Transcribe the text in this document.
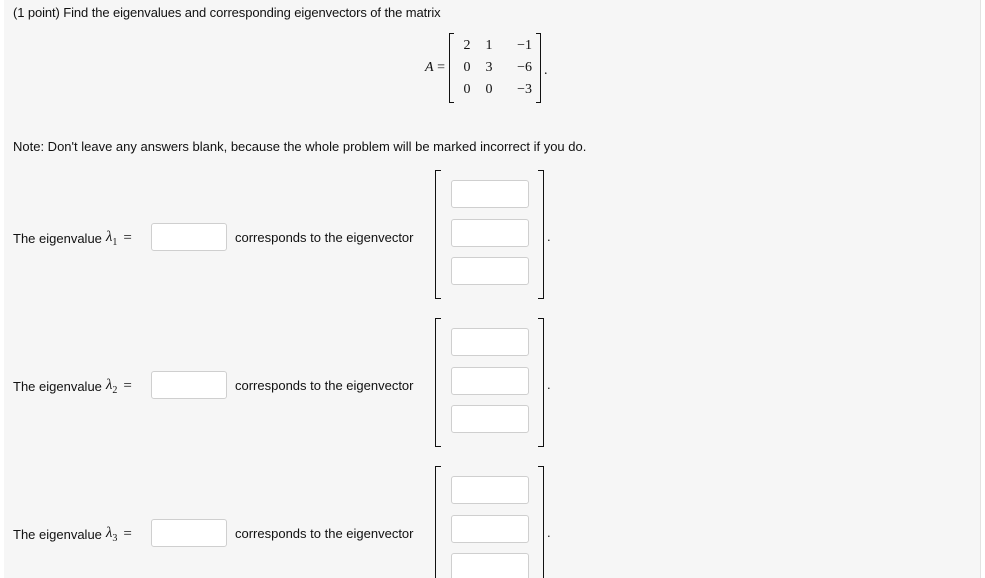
(1 point) Find the eigenvalues and corresponding eigenvectors of the matrix
A =
2 1 −1
0 3 −6
0 0 −3
.
Note: Don't leave any answers blank, because the whole problem will be marked incorrect if you do.
The eigenvalue $\lambda_1$ =	corresponds to the eigenvector	.
The eigenvalue $\lambda_2$ =	corresponds to the eigenvector	.
The eigenvalue $\lambda_3$ =	corresponds to the eigenvector	.
